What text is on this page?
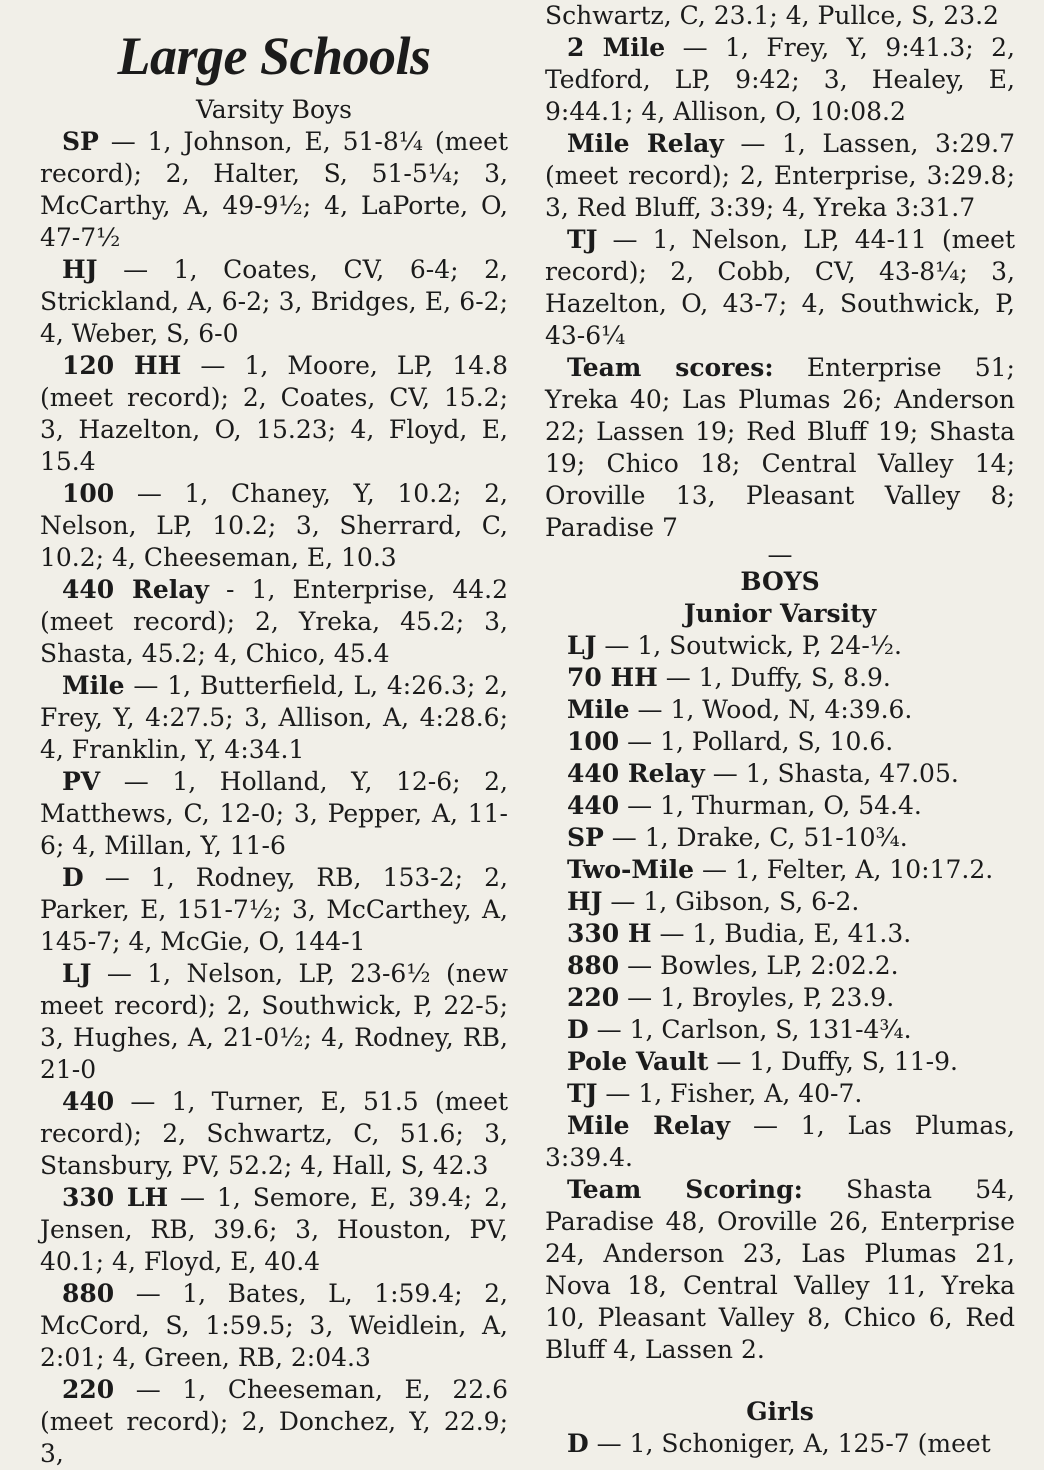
Large Schools
Varsity Boys
SP — 1, Johnson, E, 51-8¼ (meet record); 2, Halter, S, 51-5¼; 3, McCarthy, A, 49-9½; 4, LaPorte, O, 47-7½
HJ — 1, Coates, CV, 6-4; 2, Strickland, A, 6-2; 3, Bridges, E, 6-2; 4, Weber, S, 6-0
120 HH — 1, Moore, LP, 14.8 (meet record); 2, Coates, CV, 15.2; 3, Hazelton, O, 15.23; 4, Floyd, E, 15.4
100 — 1, Chaney, Y, 10.2; 2, Nelson, LP, 10.2; 3, Sherrard, C, 10.2; 4, Cheeseman, E, 10.3
440 Relay - 1, Enterprise, 44.2 (meet record); 2, Yreka, 45.2; 3, Shasta, 45.2; 4, Chico, 45.4
Mile — 1, Butterfield, L, 4:26.3; 2, Frey, Y, 4:27.5; 3, Allison, A, 4:28.6; 4, Franklin, Y, 4:34.1
PV — 1, Holland, Y, 12-6; 2, Matthews, C, 12-0; 3, Pepper, A, 11-6; 4, Millan, Y, 11-6
D — 1, Rodney, RB, 153-2; 2, Parker, E, 151-7½; 3, McCarthey, A, 145-7; 4, McGie, O, 144-1
LJ — 1, Nelson, LP, 23-6½ (new meet record); 2, Southwick, P, 22-5; 3, Hughes, A, 21-0½; 4, Rodney, RB, 21-0
440 — 1, Turner, E, 51.5 (meet record); 2, Schwartz, C, 51.6; 3, Stansbury, PV, 52.2; 4, Hall, S, 42.3
330 LH — 1, Semore, E, 39.4; 2, Jensen, RB, 39.6; 3, Houston, PV, 40.1; 4, Floyd, E, 40.4
880 — 1, Bates, L, 1:59.4; 2, McCord, S, 1:59.5; 3, Weidlein, A, 2:01; 4, Green, RB, 2:04.3
220 — 1, Cheeseman, E, 22.6 (meet record); 2, Donchez, Y, 22.9; 3,
Schwartz, C, 23.1; 4, Pullce, S, 23.2
2 Mile — 1, Frey, Y, 9:41.3; 2, Tedford, LP, 9:42; 3, Healey, E, 9:44.1; 4, Allison, O, 10:08.2
Mile Relay — 1, Lassen, 3:29.7 (meet record); 2, Enterprise, 3:29.8; 3, Red Bluff, 3:39; 4, Yreka 3:31.7
TJ — 1, Nelson, LP, 44-11 (meet record); 2, Cobb, CV, 43-8¼; 3, Hazelton, O, 43-7; 4, Southwick, P, 43-6¼
Team scores: Enterprise 51; Yreka 40; Las Plumas 26; Anderson 22; Lassen 19; Red Bluff 19; Shasta 19; Chico 18; Central Valley 14; Oroville 13, Pleasant Valley 8; Paradise 7
—
BOYS
Junior Varsity
LJ — 1, Soutwick, P, 24-½.
70 HH — 1, Duffy, S, 8.9.
Mile — 1, Wood, N, 4:39.6.
100 — 1, Pollard, S, 10.6.
440 Relay — 1, Shasta, 47.05.
440 — 1, Thurman, O, 54.4.
SP — 1, Drake, C, 51-10¾.
Two-Mile — 1, Felter, A, 10:17.2.
HJ — 1, Gibson, S, 6-2.
330 H — 1, Budia, E, 41.3.
880 — Bowles, LP, 2:02.2.
220 — 1, Broyles, P, 23.9.
D — 1, Carlson, S, 131-4¾.
Pole Vault — 1, Duffy, S, 11-9.
TJ — 1, Fisher, A, 40-7.
Mile Relay — 1, Las Plumas, 3:39.4.
Team Scoring: Shasta 54, Paradise 48, Oroville 26, Enterprise 24, Anderson 23, Las Plumas 21, Nova 18, Central Valley 11, Yreka 10, Pleasant Valley 8, Chico 6, Red Bluff 4, Lassen 2.
Girls
D — 1, Schoniger, A, 125-7 (meet
